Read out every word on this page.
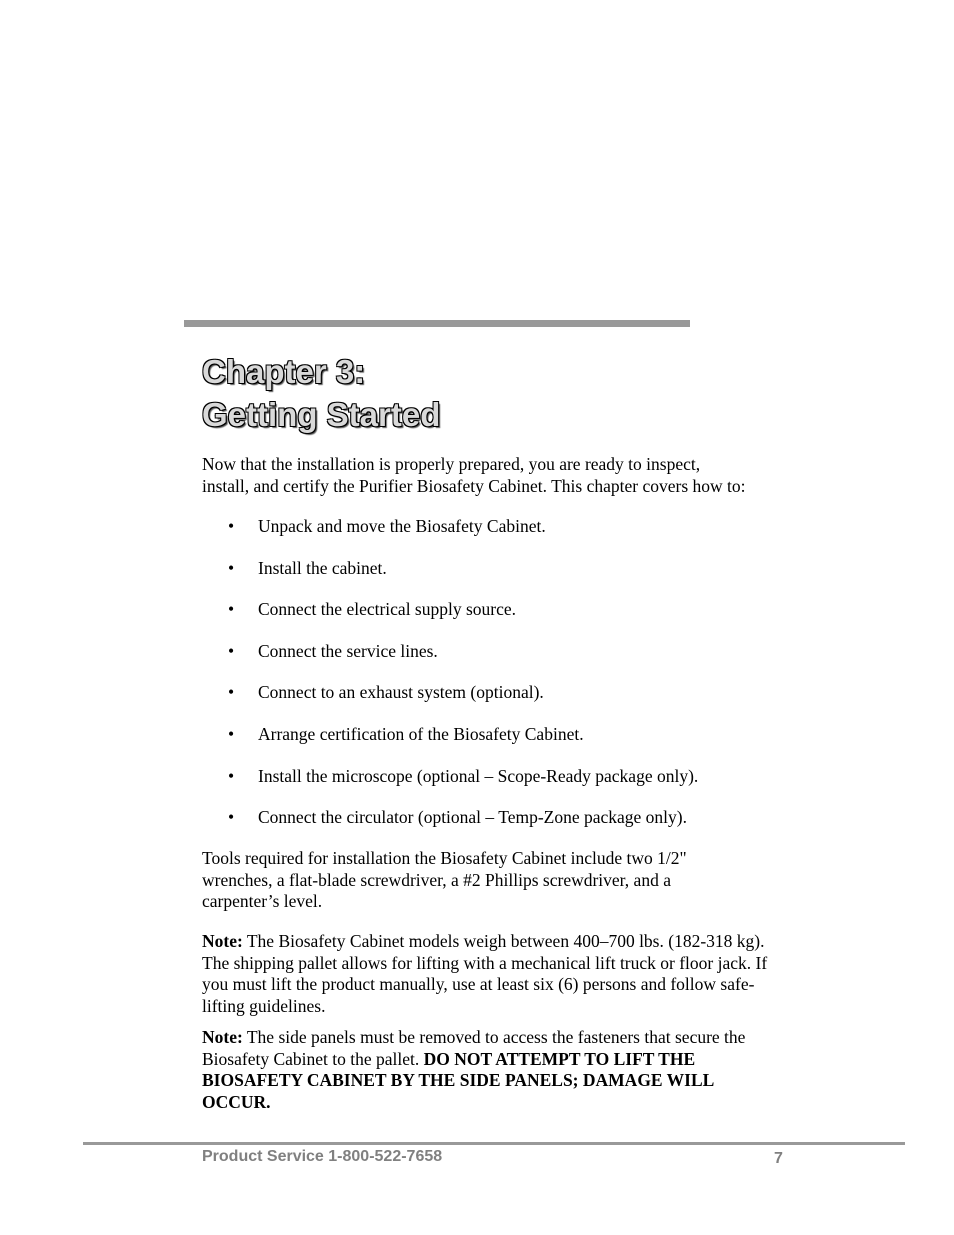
Chapter 3:
Getting Started

Now that the installation is properly prepared, you are ready to inspect,
install, and certify the Purifier Biosafety Cabinet. This chapter covers how to:

• Unpack and move the Biosafety Cabinet.
• Install the cabinet.
• Connect the electrical supply source.
• Connect the service lines.
• Connect to an exhaust system (optional).
• Arrange certification of the Biosafety Cabinet.
• Install the microscope (optional – Scope-Ready package only).
• Connect the circulator (optional – Temp-Zone package only).

Tools required for installation the Biosafety Cabinet include two 1/2"
wrenches, a flat-blade screwdriver, a #2 Phillips screwdriver, and a
carpenter’s level.

Note: The Biosafety Cabinet models weigh between 400–700 lbs. (182-318 kg).
The shipping pallet allows for lifting with a mechanical lift truck or floor jack. If
you must lift the product manually, use at least six (6) persons and follow safe-
lifting guidelines.

Note: The side panels must be removed to access the fasteners that secure the
Biosafety Cabinet to the pallet. DO NOT ATTEMPT TO LIFT THE
BIOSAFETY CABINET BY THE SIDE PANELS; DAMAGE WILL
OCCUR.

Product Service 1-800-522-7658	7
